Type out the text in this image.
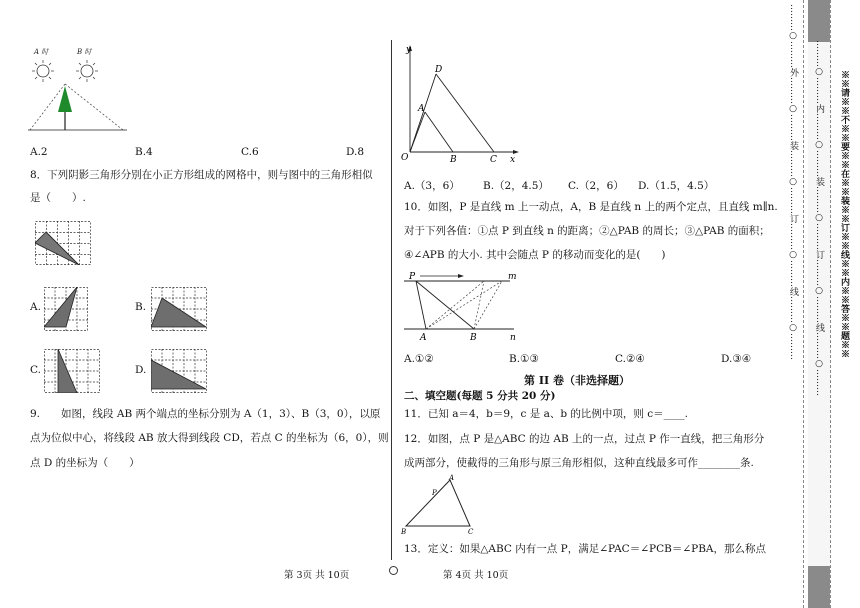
A 时	B 时
A.2	B.4	C.6	D.8
8．下列阴影三角形分别在小正方形组成的网格中，则与图中的三角形相似
是（　　）.
A.	B.
C.	D.
9.　　如图，线段 AB 两个端点的坐标分别为 A（1，3）、B（3，0），以原
点为位似中心，将线段 AB 放大得到线段 CD，若点 C 的坐标为（6，0），则
点 D 的坐标为（　　）
y
x
O
A
D
B	C
A.（3，6） B.（2，4.5） C.（2，6） D.（1.5，4.5）
10．如图，P 是直线 m 上一动点，A，B 是直线 n 上的两个定点，且直线 m∥n.
对于下列各值：①点 P 到直线 n 的距离；②△PAB 的周长；③△PAB 的面积；
④∠APB 的大小. 其中会随点 P 的移动而变化的是(　　)
P	m
A	B	n
A.①②	B.①③	C.②④	D.③④
第 II 卷（非选择题）
二、填空题(每题 5 分共 20 分)
11．已知 a＝4，b＝9，c 是 a、b 的比例中项，则 c＝____.
12．如图，点 P 是△ABC 的边 AB 上的一点，过点 P 作一直线，把三角形分
成两部分，使截得的三角形与原三角形相似，这种直线最多可作________条.
A
B	C
P
13．定义：如果△ABC 内有一点 P，满足∠PAC＝∠PCB＝∠PBA，那么称点
第 3页 共 10页	第 4页 共 10页
………○………外………○………装………○………订………○………线………○……… ………○………内………○………装………○………订………○………线………○……… ※※请※※不※※要※※在※※装※※订※※线※※内※※答※※题※※
